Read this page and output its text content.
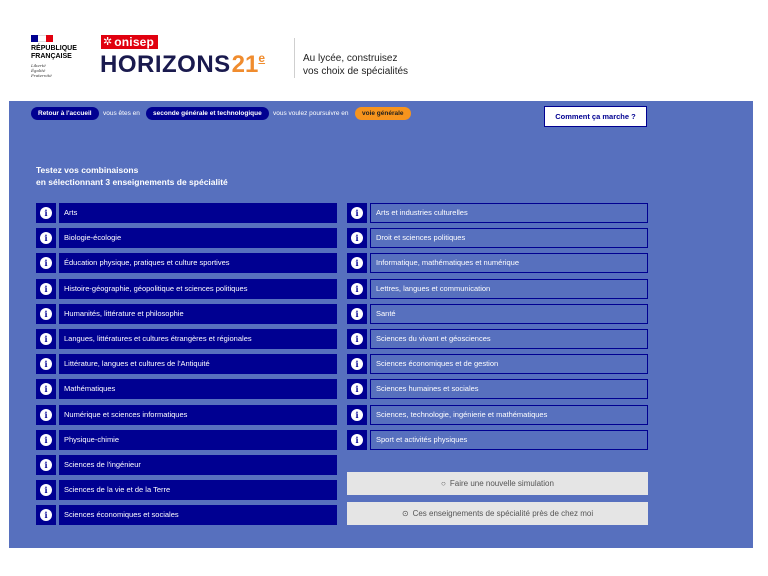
RÉPUBLIQUE
FRANÇAISE
Liberté
Égalité
Fraternité
✲ onisep
HORIZONS 21 e	Au lycée, construisez
vos choix de spécialités
Retour à l'accueil	vous êtes en	seconde générale et technologique	vous voulez poursuivre en	voie générale	Comment ça marche ?
Testez vos combinaisons
en sélectionnant 3 enseignements de spécialité
i	Arts
i	Biologie-écologie
i	Éducation physique, pratiques et culture sportives
i	Histoire-géographie, géopolitique et sciences politiques
i	Humanités, littérature et philosophie
i	Langues, littératures et cultures étrangères et régionales
i	Littérature, langues et cultures de l'Antiquité
i	Mathématiques
i	Numérique et sciences informatiques
i	Physique-chimie
i	Sciences de l'ingénieur
i	Sciences de la vie et de la Terre
i	Sciences économiques et sociales
i	Arts et industries culturelles
i	Droit et sciences politiques
i	Informatique, mathématiques et numérique
i	Lettres, langues et communication
i	Santé
i	Sciences du vivant et géosciences
i	Sciences économiques et de gestion
i	Sciences humaines et sociales
i	Sciences, technologie, ingénierie et mathématiques
i	Sport et activités physiques
○ Faire une nouvelle simulation
⊙ Ces enseignements de spécialité près de chez moi
